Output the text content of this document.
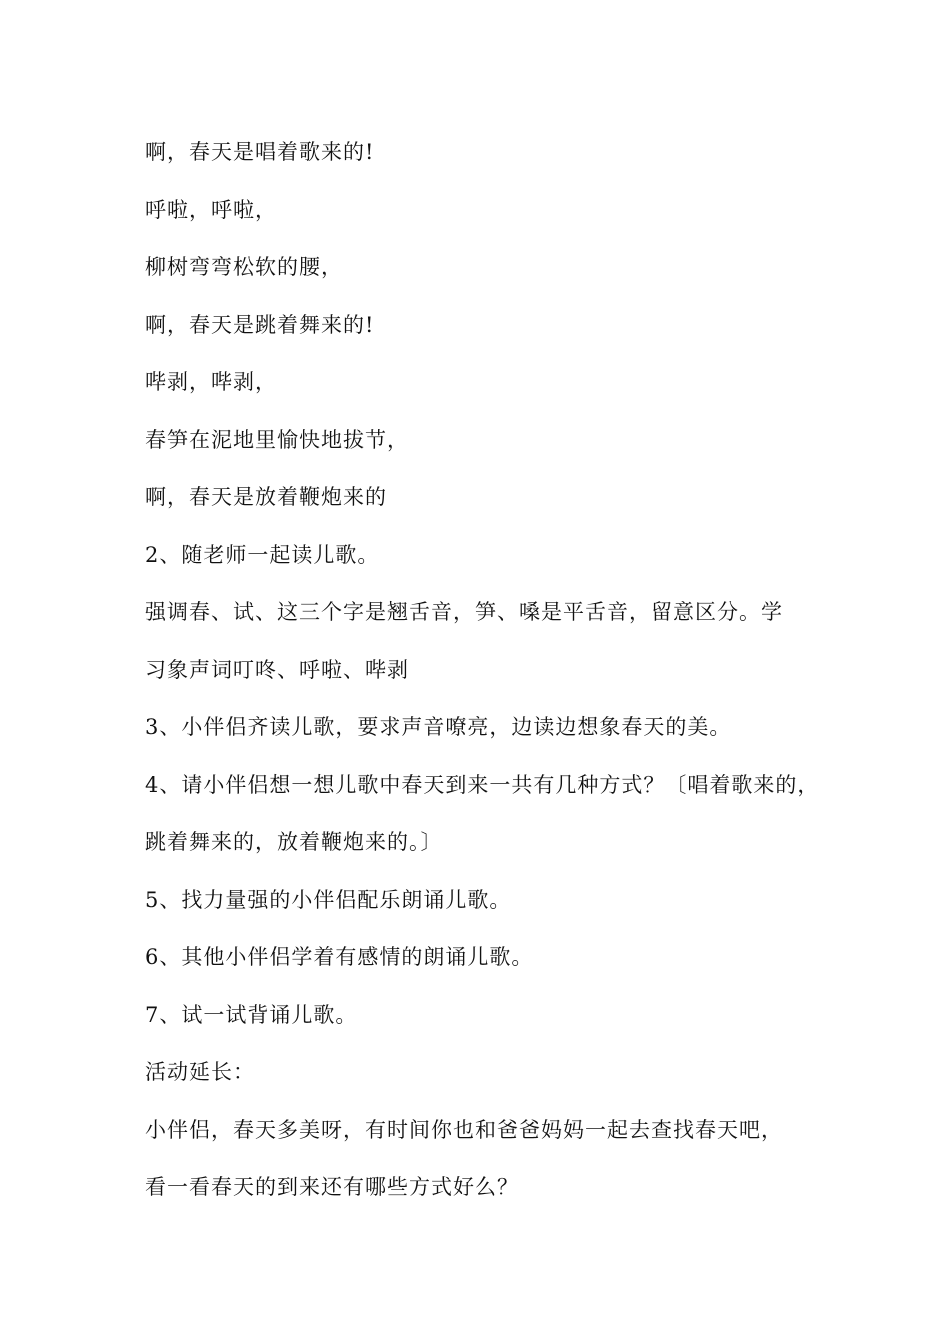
啊，春天是唱着歌来的!
呼啦，呼啦，
柳树弯弯松软的腰，
啊，春天是跳着舞来的!
哔剥，哔剥，
春笋在泥地里愉快地拔节，
啊，春天是放着鞭炮来的
2、随老师一起读儿歌。
强调春、试、这三个字是翘舌音，笋、嗓是平舌音，留意区分。学
习象声词叮咚、呼啦、哔剥
3、小伴侣齐读儿歌，要求声音嘹亮，边读边想象春天的美。
4、请小伴侣想一想儿歌中春天到来一共有几种方式？〔唱着歌来的，
跳着舞来的，放着鞭炮来的。〕
5、找力量强的小伴侣配乐朗诵儿歌。
6、其他小伴侣学着有感情的朗诵儿歌。
7、试一试背诵儿歌。
活动延长：
小伴侣，春天多美呀，有时间你也和爸爸妈妈一起去查找春天吧，
看一看春天的到来还有哪些方式好么？
